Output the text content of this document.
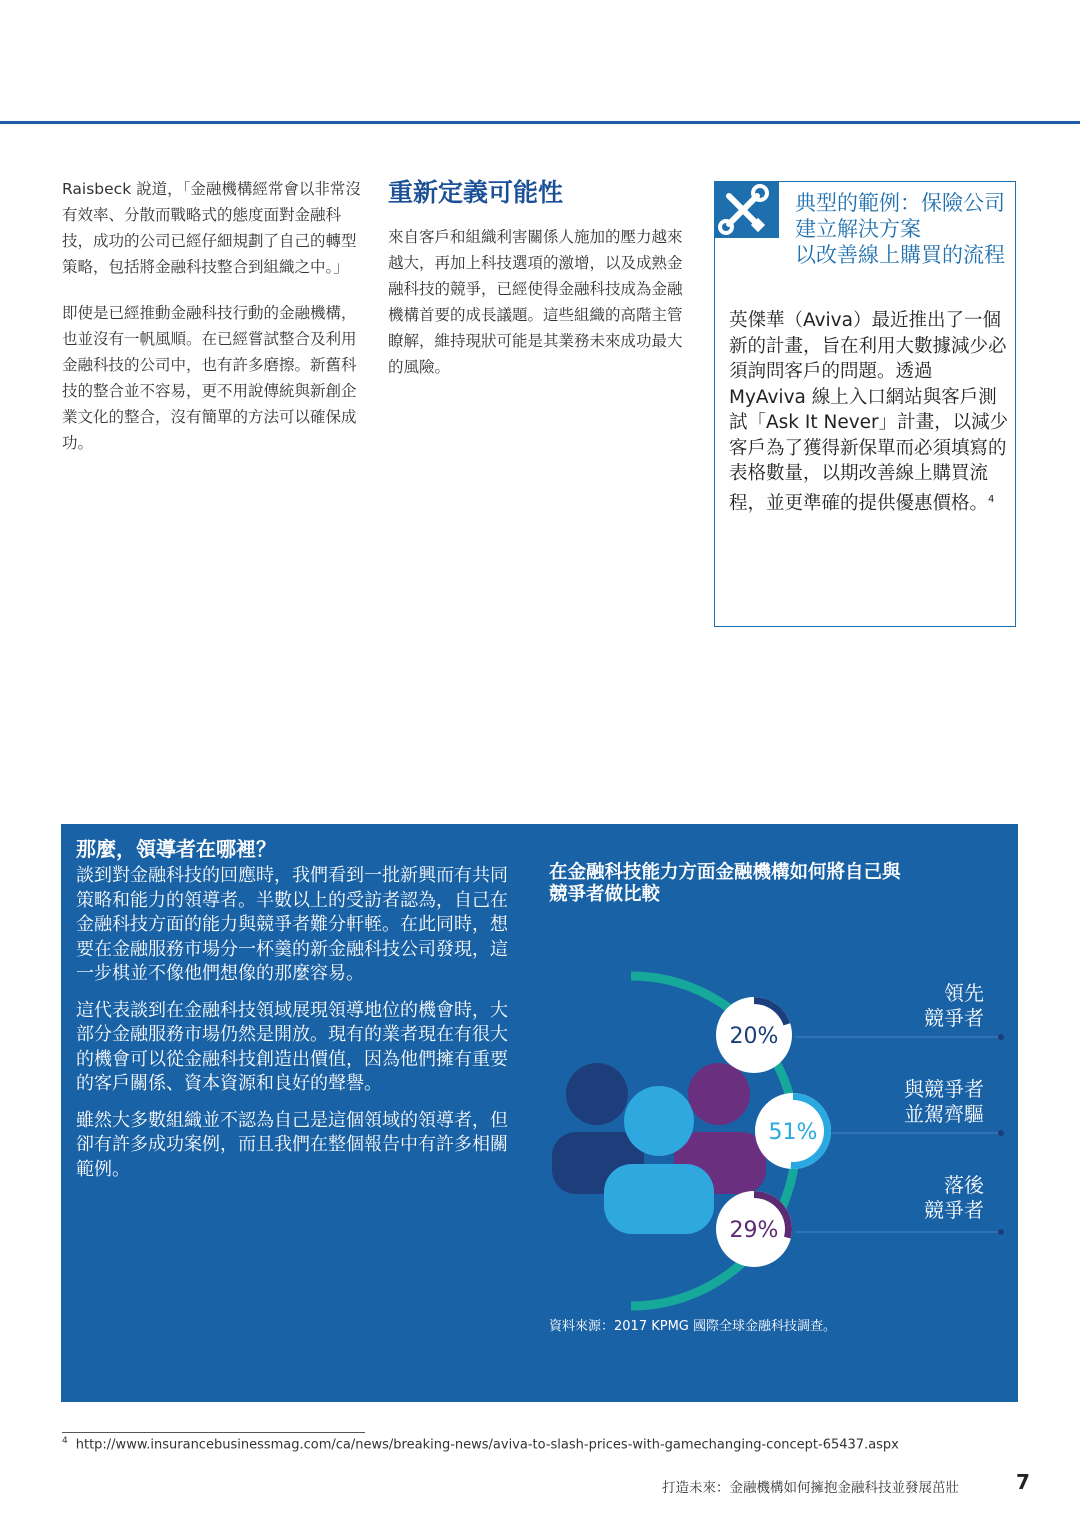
Raisbeck 說道，「金融機構經常會以非常沒有效率、分散而戰略式的態度面對金融科技，成功的公司已經仔細規劃了自己的轉型策略，包括將金融科技整合到組織之中。」

即使是已經推動金融科技行動的金融機構，也並沒有一帆風順。在已經嘗試整合及利用金融科技的公司中，也有許多磨擦。新舊科技的整合並不容易，更不用說傳統與新創企業文化的整合，沒有簡單的方法可以確保成功。

重新定義可能性

來自客戶和組織利害關係人施加的壓力越來越大，再加上科技選項的激增，以及成熟金融科技的競爭，已經使得金融科技成為金融機構首要的成長議題。這些組織的高階主管瞭解，維持現狀可能是其業務未來成功最大的風險。

典型的範例：保險公司
建立解決方案
以改善線上購買的流程
英傑華（Aviva）最近推出了一個新的計畫，旨在利用大數據減少必須詢問客戶的問題。透過 MyAviva 線上入口網站與客戶測試「Ask It Never」計畫，以減少客戶為了獲得新保單而必須填寫的表格數量，以期改善線上購買流程，並更準確的提供優惠價格。$^4$
那麼，領導者在哪裡？

談到對金融科技的回應時，我們看到一批新興而有共同策略和能力的領導者。半數以上的受訪者認為，自己在金融科技方面的能力與競爭者難分軒輊。在此同時，想要在金融服務市場分一杯羹的新金融科技公司發現，這一步棋並不像他們想像的那麼容易。

這代表談到在金融科技領域展現領導地位的機會時，大部分金融服務市場仍然是開放。現有的業者現在有很大的機會可以從金融科技創造出價值，因為他們擁有重要的客戶關係、資本資源和良好的聲譽。

雖然大多數組織並不認為自己是這個領域的領導者，但卻有許多成功案例，而且我們在整個報告中有許多相關範例。

在金融科技能力方面金融機構如何將自己與競爭者做比較
20%
51%
29%
領先
競爭者
與競爭者
並駕齊驅
落後
競爭者
資料來源：2017 KPMG 國際全球金融科技調查。
$^4$ http://www.insurancebusinessmag.com/ca/news/breaking-news/aviva-to-slash-prices-with-gamechanging-concept-65437.aspx
打造未來：金融機構如何擁抱金融科技並發展茁壯	7
